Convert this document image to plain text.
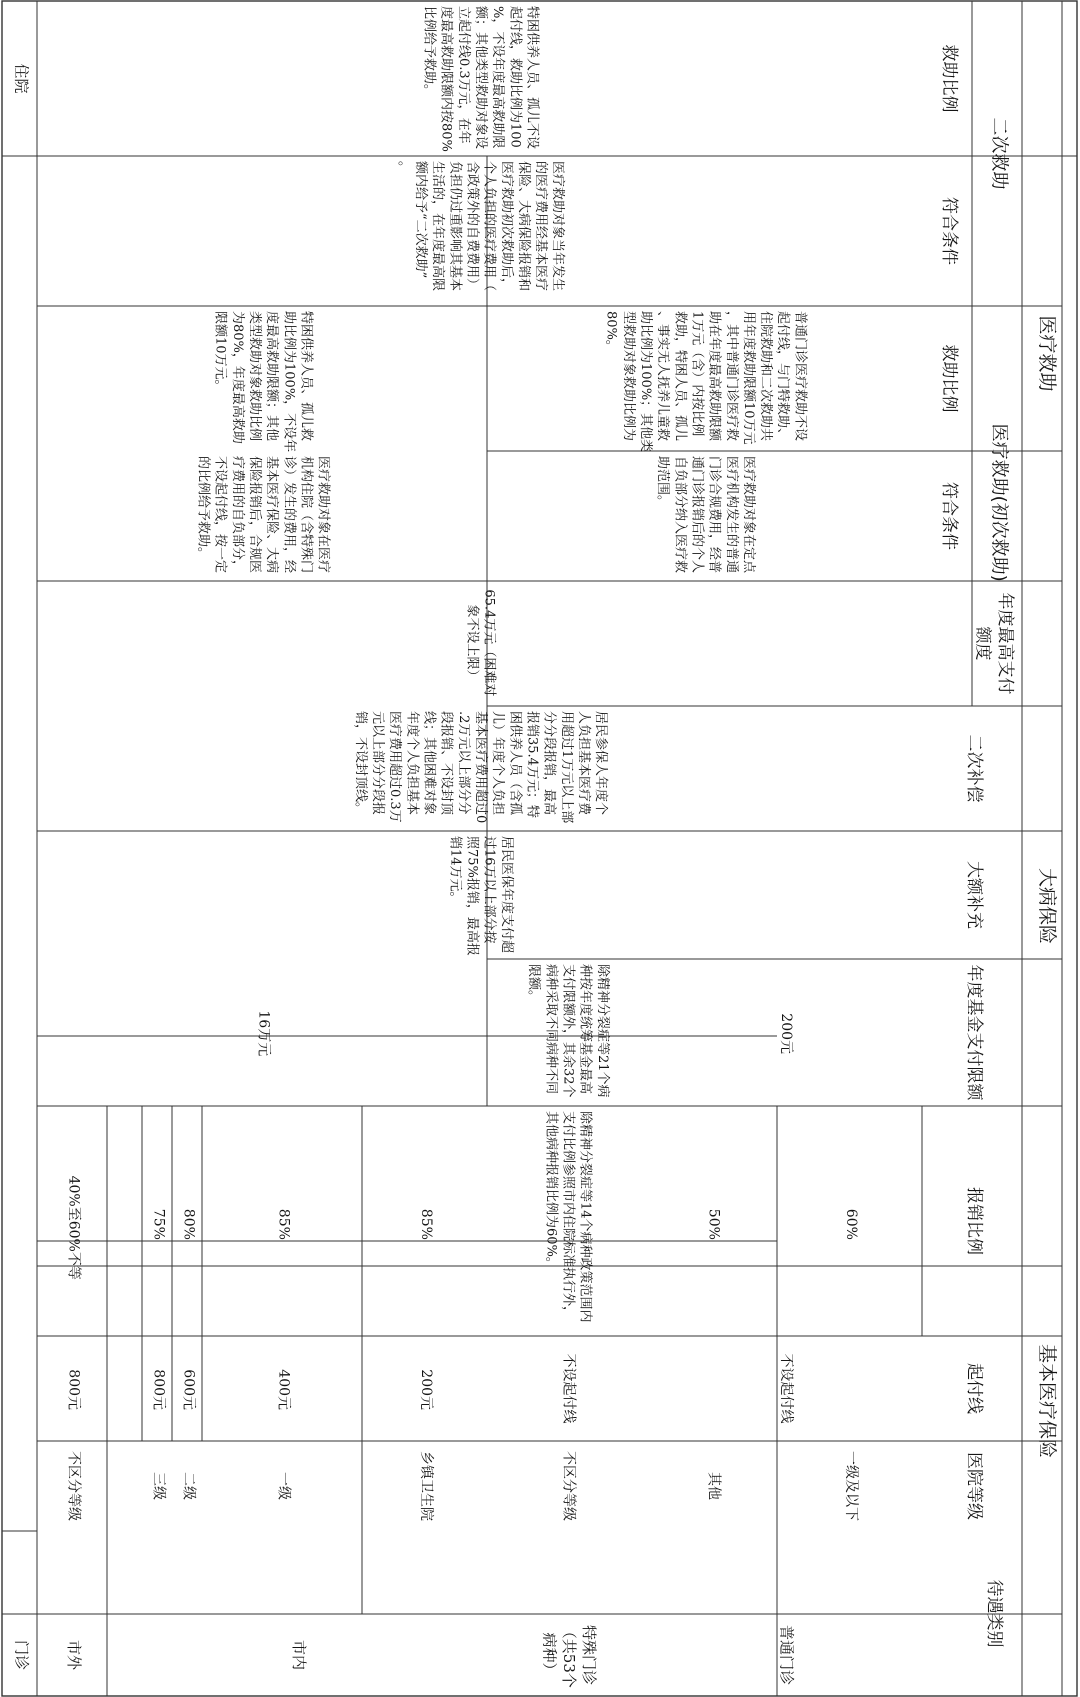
基本医疗保险
大病保险
医疗救助
医疗救助(初次救助)
二次救助
医院等级
起付线
报销比例
年度基金支付限额
大额补充
二次补偿
年度最高支付额度
符合条件
救助比例
符合条件
救助比例
待遇类别
普通门诊
特殊门诊（共53个病种）
市内
市外
门诊
住院
一级及以下
其他
不区分等级
乡镇卫生院
一级
二级
三级
不区分等级
不设起付线
不设起付线
200元
400元
600元
800元
800元
60%
50%
除精神分裂症等14个病种政策范围内支付比例参照市内住院标准执行外，其他病种报销比例为60%。
85%
85%
80%
75%
40%至60%不等
200元
除精神分裂症等21个病种按年度统筹基金最高支付限额外，其余32个病种采取不同病种不同限额。
16万元
居民医保年度支付超过16万以上部分按照75%报销，最高报销14万元。
居民参保人年度个人负担基本医疗费用超过1万元以上部分分段报销，最高报销35.4万元；特困供养人员（含孤儿）年度个人负担基本医疗费用超过0.2万元以上部分分段报销、不设封顶线；其他困难对象年度个人负担基本医疗费用超过0.3万元以上部分分段报销，不设封顶线。
65.4万元（困难对象不设上限）
医疗救助对象在定点医疗机构发生的普通门诊合规费用，经普通门诊报销后的个人自负部分纳入医疗救助范围。
普通门诊医疗救助不设起付线，与门特救助、住院救助和二次救助共用年度救助限额10万元，其中普通门诊医疗救助在年度最高救助限额1万元（含）内按比例救助，特困人员、孤儿、事实无人抚养儿童救助比例为100%；其他类型救助对象救助比例为80%。
医疗救助对象在医疗机构住院（含特殊门诊）发生的费用，经基本医疗保险、大病保险报销后，合规医疗费用的自负部分，不设起付线，按一定的比例给予救助。
特困供养人员、孤儿救助比例为100%，不设年度最高救助限额；其他类型救助对象救助比例为80%，年度最高救助限额10万元。
医疗救助对象当年发生的医疗费用经基本医疗保险、大病保险报销和医疗救助初次救助后，个人负担的医疗费用（含政策外的自费费用）负担仍过重影响其基本生活的，在年度最高限额内给予“二次救助”。
特困供养人员、孤儿不设起付线，救助比例为100%，不设年度最高救助限额；其他类型救助对象设立起付线0.3万元，在年度最高救助限额内按80%比例给予救助。
